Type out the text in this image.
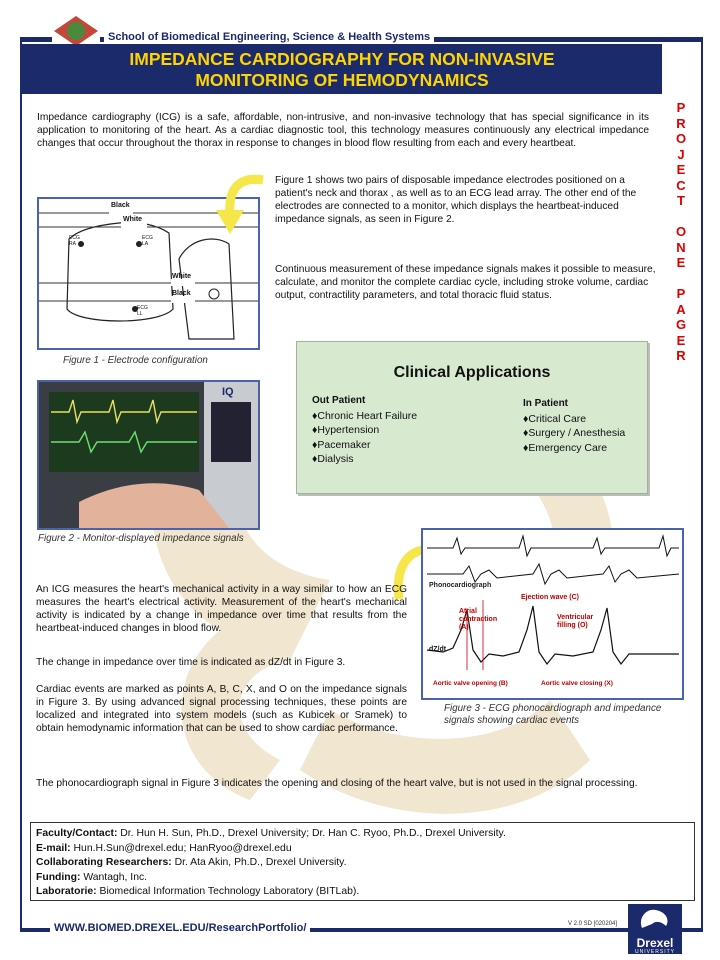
School of Biomedical Engineering, Science & Health Systems
IMPEDANCE CARDIOGRAPHY FOR NON-INVASIVE
MONITORING OF HEMODYNAMICS
P
R
O
J
E
C
T

O
N
E

P
A
G
E
R
Impedance cardiography (ICG) is a safe, affordable, non-intrusive, and non-invasive technology that has special significance in its application to monitoring of the heart. As a cardiac diagnostic tool, this technology measures continuously any electrical impedance changes that occur throughout the thorax in response to changes in blood flow resulting from each and every heartbeat.
Black
White
White
Black
ECG RA
ECG LA
ECG LL
Figure 1 - Electrode configuration
Figure 1 shows two pairs of disposable impedance electrodes positioned on a patient's neck and thorax , as well as to an ECG lead array. The other end of the electrodes are connected to a monitor, which displays the heartbeat-induced impedance signals, as seen in Figure 2.
Continuous measurement of these impedance signals makes it possible to measure, calculate, and monitor the complete cardiac cycle, including stroke volume, cardiac output, contractility parameters, and total thoracic fluid status.
IQ
Figure 2 - Monitor-displayed impedance signals
Clinical Applications
Out Patient
♦Chronic Heart Failure
♦Hypertension
♦Pacemaker
♦Dialysis
In Patient
♦Critical Care
♦Surgery / Anesthesia
♦Emergency Care
Phonocardiograph
Ejection wave (C)
Atrial contraction (A)
Ventricular filling (O)
dZ/dt
Aortic valve opening (B)	Aortic valve closing (X)
Figure 3 - ECG phonocardiograph and impedance signals showing cardiac events
An ICG measures the heart's mechanical activity in a way similar to how an ECG measures the heart's electrical activity. Measurement of the heart's mechanical activity is indicated by a change in impedance over time that results from the heartbeat-induced changes in blood flow.
The change in impedance over time is indicated as dZ/dt in Figure 3.
Cardiac events are marked as points A, B, C, X, and O on the impedance signals in Figure 3. By using advanced signal processing techniques, these points are localized and integrated into system models (such as Kubicek or Sramek) to obtain hemodynamic information that can be used to show cardiac performance.
The phonocardiograph signal in Figure 3 indicates the opening and closing of the heart valve, but is not used in the signal processing.
Faculty/Contact: Dr. Hun H. Sun, Ph.D., Drexel University; Dr. Han C. Ryoo, Ph.D., Drexel University.
E-mail: Hun.H.Sun@drexel.edu; HanRyoo@drexel.edu
Collaborating Researchers: Dr. Ata Akin, Ph.D., Drexel University.
Funding: Wantagh, Inc.
Laboratorie: Biomedical Information Technology Laboratory (BITLab).
WWW.BIOMED.DREXEL.EDU/ResearchPortfolio/	V 2.0 SD [020204]
Drexel
UNIVERSITY
